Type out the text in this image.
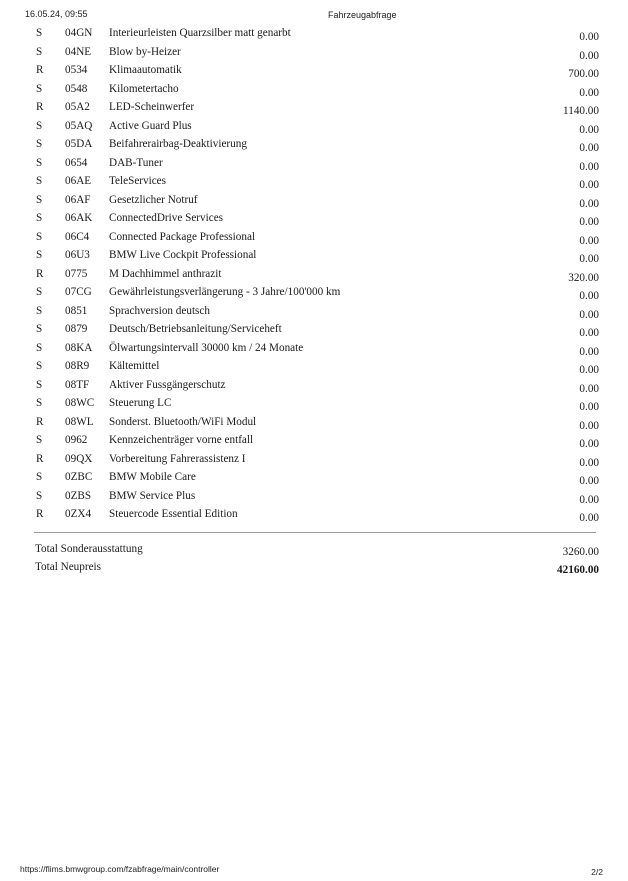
16.05.24, 09:55	Fahrzeugabfrage
S 04GN Interieurleisten Quarzsilber matt genarbt	0.00
S 04NE Blow by-Heizer	0.00
R 0534 Klimaautomatik	700.00
S 0548 Kilometertacho	0.00
R 05A2 LED-Scheinwerfer	1140.00
S 05AQ Active Guard Plus	0.00
S 05DA Beifahrerairbag-Deaktivierung	0.00
S 0654 DAB-Tuner	0.00
S 06AE TeleServices	0.00
S 06AF Gesetzlicher Notruf	0.00
S 06AK ConnectedDrive Services	0.00
S 06C4 Connected Package Professional	0.00
S 06U3 BMW Live Cockpit Professional	0.00
R 0775 M Dachhimmel anthrazit	320.00
S 07CG Gewährleistungsverlängerung - 3 Jahre/100'000 km	0.00
S 0851 Sprachversion deutsch	0.00
S 0879 Deutsch/Betriebsanleitung/Serviceheft	0.00
S 08KA Ölwartungsintervall 30000 km / 24 Monate	0.00
S 08R9 Kältemittel	0.00
S 08TF Aktiver Fussgängerschutz	0.00
S 08WC Steuerung LC	0.00
R 08WL Sonderst. Bluetooth/WiFi Modul	0.00
S 0962 Kennzeichenträger vorne entfall	0.00
R 09QX Vorbereitung Fahrerassistenz I	0.00
S 0ZBC BMW Mobile Care	0.00
S 0ZBS BMW Service Plus	0.00
R 0ZX4 Steuercode Essential Edition	0.00
Total Sonderausstattung	3260.00
Total Neupreis	42160.00
https://flims.bmwgroup.com/fzabfrage/main/controller	2/2
